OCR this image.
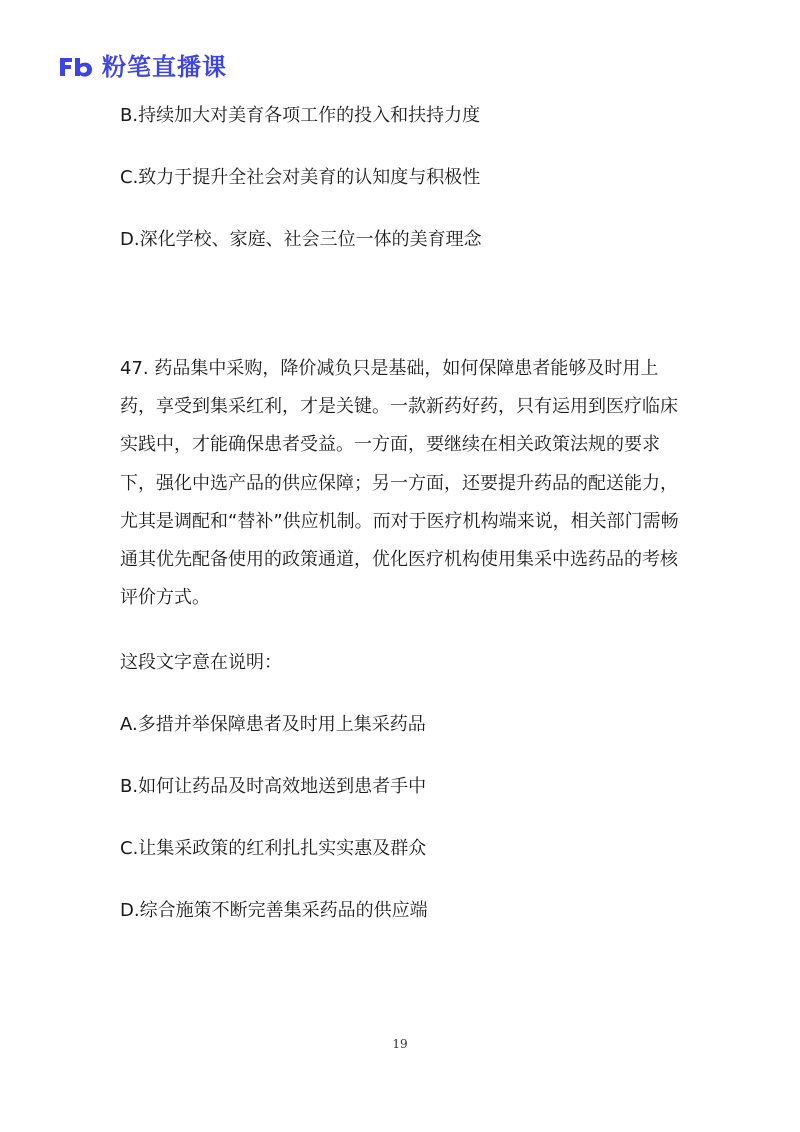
粉笔直播课

B.持续加大对美育各项工作的投入和扶持力度

C.致力于提升全社会对美育的认知度与积极性

D.深化学校、家庭、社会三位一体的美育理念

47. 药品集中采购，降价减负只是基础，如何保障患者能够及时用上药，享受到集采红利，才是关键。一款新药好药，只有运用到医疗临床实践中，才能确保患者受益。一方面，要继续在相关政策法规的要求下，强化中选产品的供应保障；另一方面，还要提升药品的配送能力，尤其是调配和“替补”供应机制。而对于医疗机构端来说，相关部门需畅通其优先配备使用的政策通道，优化医疗机构使用集采中选药品的考核评价方式。

这段文字意在说明：

A.多措并举保障患者及时用上集采药品

B.如何让药品及时高效地送到患者手中

C.让集采政策的红利扎扎实实惠及群众

D.综合施策不断完善集采药品的供应端

19
